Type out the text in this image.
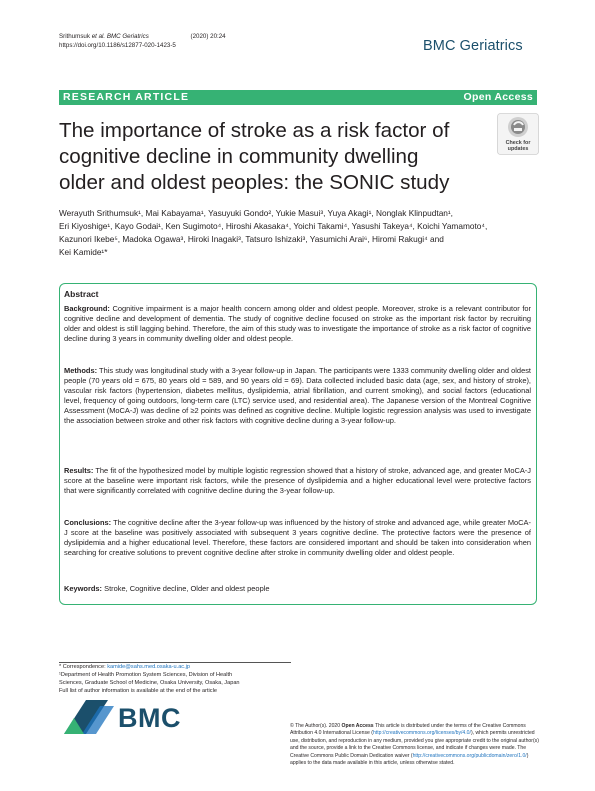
Srithumsuk et al. BMC Geriatrics	(2020) 20:24
https://doi.org/10.1186/s12877-020-1423-5	BMC Geriatrics
RESEARCH ARTICLE	Open Access
The importance of stroke as a risk factor of
cognitive decline in community dwelling
older and oldest peoples: the SONIC study
Check for
updates
Werayuth Srithumsuk¹, Mai Kabayama¹, Yasuyuki Gondo², Yukie Masui³, Yuya Akagi¹, Nonglak Klinpudtan¹,
Eri Kiyoshige¹, Kayo Godai¹, Ken Sugimoto⁴, Hiroshi Akasaka⁴, Yoichi Takami⁴, Yasushi Takeya⁴, Koichi Yamamoto⁴,
Kazunori Ikebe⁵, Madoka Ogawa³, Hiroki Inagaki³, Tatsuro Ishizaki³, Yasumichi Arai⁶, Hiromi Rakugi⁴ and
Kei Kamide¹*
Abstract
Background: Cognitive impairment is a major health concern among older and oldest people. Moreover, stroke is a relevant contributor for cognitive decline and development of dementia. The study of cognitive decline focused on stroke as the important risk factor by recruiting older and oldest is still lagging behind. Therefore, the aim of this study was to investigate the importance of stroke as a risk factor of cognitive decline during 3 years in community dwelling older and oldest people.
Methods: This study was longitudinal study with a 3-year follow-up in Japan. The participants were 1333 community dwelling older and oldest people (70 years old = 675, 80 years old = 589, and 90 years old = 69). Data collected included basic data (age, sex, and history of stroke), vascular risk factors (hypertension, diabetes mellitus, dyslipidemia, atrial fibrillation, and current smoking), and social factors (educational level, frequency of going outdoors, long-term care (LTC) service used, and residential area). The Japanese version of the Montreal Cognitive Assessment (MoCA-J) was decline of ≥2 points was defined as cognitive decline. Multiple logistic regression analysis was used to investigate the association between stroke and other risk factors with cognitive decline during a 3-year follow-up.
Results: The fit of the hypothesized model by multiple logistic regression showed that a history of stroke, advanced age, and greater MoCA-J score at the baseline were important risk factors, while the presence of dyslipidemia and a higher educational level were protective factors that were significantly correlated with cognitive decline during the 3-year follow-up.
Conclusions: The cognitive decline after the 3-year follow-up was influenced by the history of stroke and advanced age, while greater MoCA-J score at the baseline was positively associated with subsequent 3 years cognitive decline. The protective factors were the presence of dyslipidemia and a higher educational level. Therefore, these factors are considered important and should be taken into consideration when searching for creative solutions to prevent cognitive decline after stroke in community dwelling older and oldest people.
Keywords: Stroke, Cognitive decline, Older and oldest people
* Correspondence: kamide@sahs.med.osaka-u.ac.jp
¹Department of Health Promotion System Sciences, Division of Health
Sciences, Graduate School of Medicine, Osaka University, Osaka, Japan
Full list of author information is available at the end of the article
BMC	© The Author(s). 2020 Open Access This article is distributed under the terms of the Creative Commons Attribution 4.0 International License (http://creativecommons.org/licenses/by/4.0/), which permits unrestricted use, distribution, and reproduction in any medium, provided you give appropriate credit to the original author(s) and the source, provide a link to the Creative Commons license, and indicate if changes were made. The Creative Commons Public Domain Dedication waiver (http://creativecommons.org/publicdomain/zero/1.0/) applies to the data made available in this article, unless otherwise stated.
